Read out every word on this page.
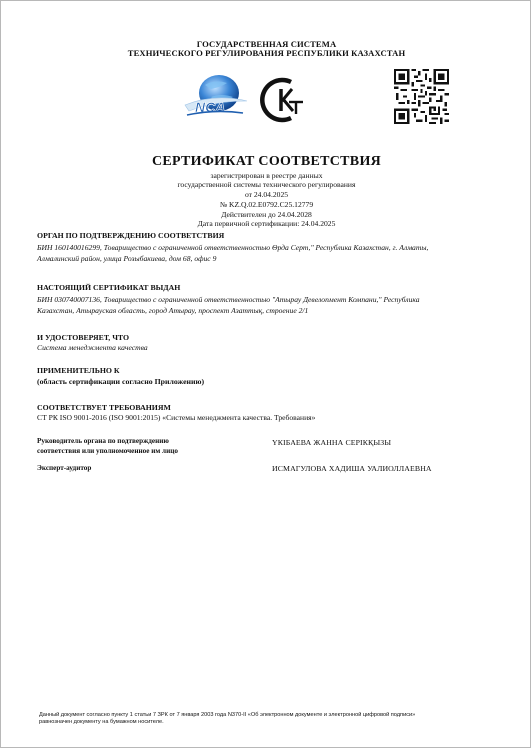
ГОСУДАРСТВЕННАЯ СИСТЕМА
ТЕХНИЧЕСКОГО РЕГУЛИРОВАНИЯ РЕСПУБЛИКИ КАЗАХСТАН
NCA
СЕРТИФИКАТ СООТВЕТСТВИЯ
зарегистрирован в реестре данных
государственной системы технического регулирования
от 24.04.2025
№ KZ.Q.02.E0792.C25.12779
Действителен до 24.04.2028
Дата первичной сертификации: 24.04.2025
ОРГАН ПО ПОДТВЕРЖДЕНИЮ СООТВЕТСТВИЯ
БИН 160140016299, Товарищество с ограниченной ответственностью Ѳрда Серт," Республика Казахстан, г. Алматы,
Алмалинский район, улица Розыбакиева, дом 68, офис 9
НАСТОЯЩИЙ СЕРТИФИКАТ ВЫДАН
БИН 030740007136, Товарищество с ограниченной ответственностью "Атырау Девелопмент Компани," Республика
Казахстан, Атырауская область, город Атырау, проспект Азаттық, строение 2/1
И УДОСТОВЕРЯЕТ, ЧТО
Система менеджмента качества
ПРИМЕНИТЕЛЬНО К
(область сертификации согласно Приложению)
СООТВЕТСТВУЕТ ТРЕБОВАНИЯМ
СТ РК ISO 9001-2016 (ISO 9001:2015) «Системы менеджмента качества. Требования»
Руководитель органа по подтверждению
соответствия или уполномоченное им лицо
ҮКІБАЕВА ЖАННА СЕРІКҚЫЗЫ
Эксперт-аудитор	ИСМАГУЛОВА ХАДИША УАЛИОЛЛАЕВНА
Данный документ согласно пункту 1 статьи 7 ЗРК от 7 января 2003 года N370-II «Об электронном документе и электронной цифровой подписи»
равнозначен документу на бумажном носителе.
